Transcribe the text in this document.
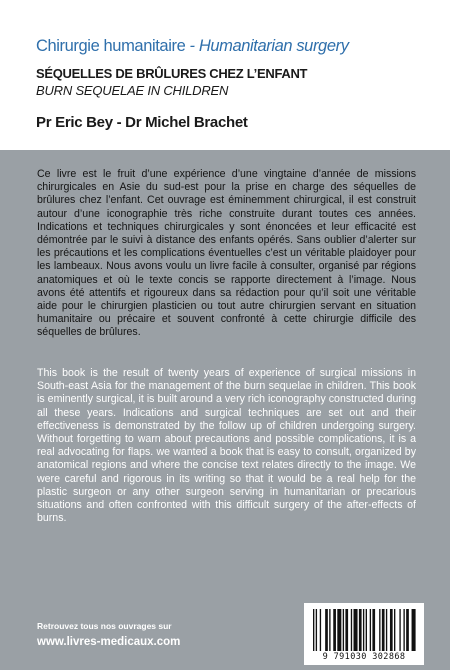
Chirurgie humanitaire - Humanitarian surgery
SÉQUELLES DE BRÛLURES CHEZ L’ENFANT
BURN SEQUELAE IN CHILDREN
Pr Eric Bey - Dr Michel Brachet

Ce livre est le fruit d’une expérience d’une vingtaine d’année de missions chirurgicales en Asie du sud-est pour la prise en charge des séquelles de brûlures chez l’enfant. Cet ouvrage est éminemment chirurgical, il est construit autour d’une iconographie très riche construite durant toutes ces années. Indications et techniques chirurgicales y sont énoncées et leur efficacité est démontrée par le suivi à distance des enfants opérés. Sans oublier d’alerter sur les précautions et les complications éventuelles c’est un véritable plaidoyer pour les lambeaux. Nous avons voulu un livre facile à consulter, organisé par régions anatomiques et où le texte concis se rapporte directement à l’image. Nous avons été attentifs et rigoureux dans sa rédaction pour qu’il soit une véritable aide pour le chirurgien plasticien ou tout autre chirurgien servant en situation humanitaire ou précaire et souvent confronté à cette chirurgie difficile des séquelles de brûlures.

This book is the result of twenty years of experience of surgical missions in South-east Asia for the management of the burn sequelae in children. This book is eminently surgical, it is built around a very rich iconography constructed during all these years. Indications and surgical techniques are set out and their effectiveness is demonstrated by the follow up of children undergoing surgery. Without forgetting to warn about precautions and possible complications, it is a real advocating for flaps. we wanted a book that is easy to consult, organized by anatomical regions and where the concise text relates directly to the image. We were careful and rigorous in its writing so that it would be a real help for the plastic surgeon or any other surgeon serving in humanitarian or precarious situations and often confronted with this difficult surgery of the after-effects of burns.

Retrouvez tous nos ouvrages sur
www.livres-medicaux.com
9 791030 302868
